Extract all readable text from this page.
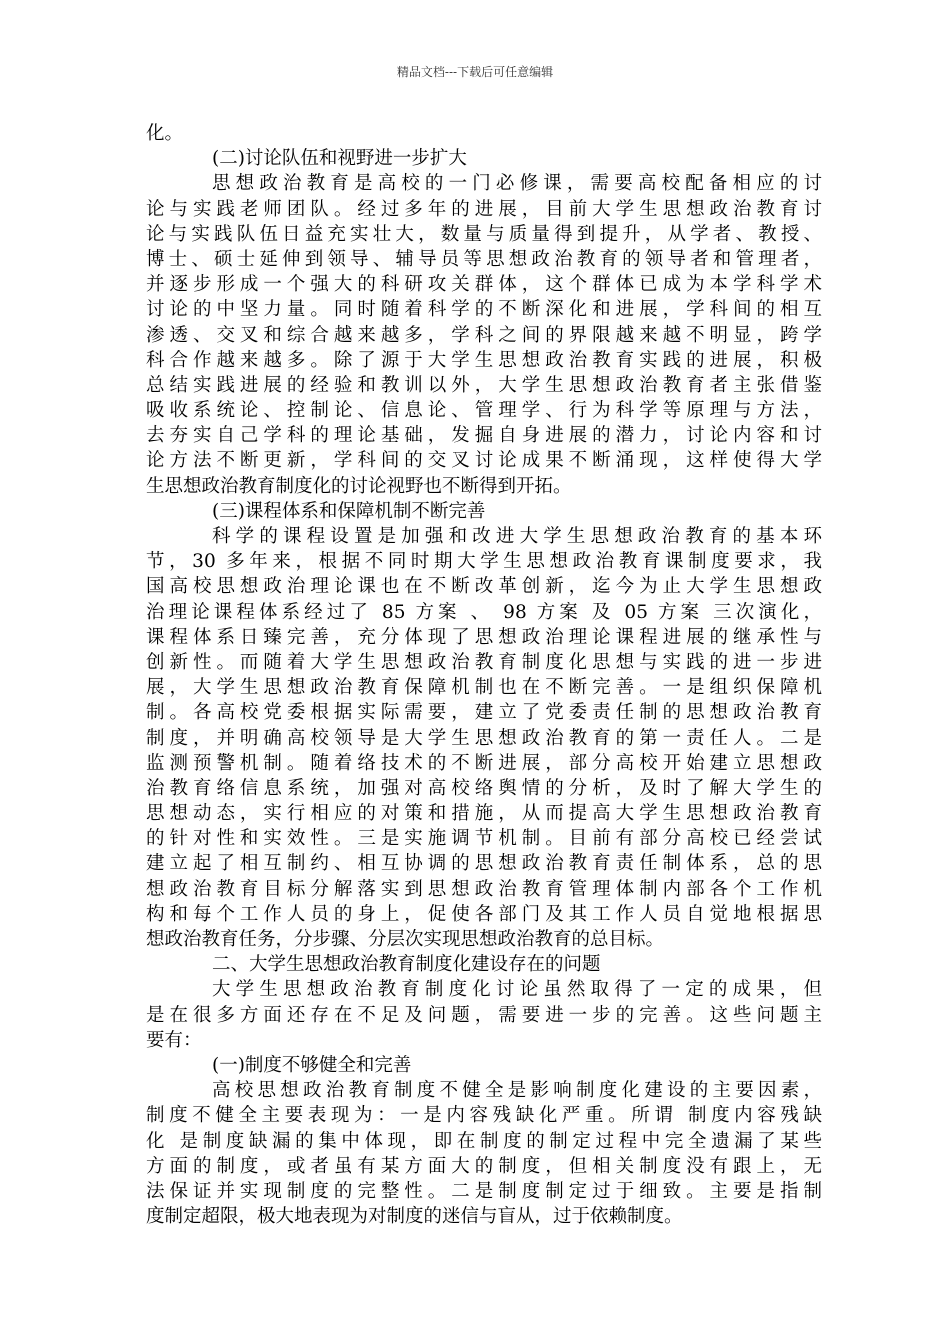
精品文档---下载后可任意编辑
化。
(二)讨论队伍和视野进一步扩大
思想政治教育是高校的一门必修课，需要高校配备相应的讨
论与实践老师团队。经过多年的进展，目前大学生思想政治教育讨
论与实践队伍日益充实壮大，数量与质量得到提升，从学者、教授、
博士、硕士延伸到领导、辅导员等思想政治教育的领导者和管理者，
并逐步形成一个强大的科研攻关群体，这个群体已成为本学科学术
讨论的中坚力量。同时随着科学的不断深化和进展，学科间的相互
渗透、交叉和综合越来越多，学科之间的界限越来越不明显，跨学
科合作越来越多。除了源于大学生思想政治教育实践的进展，积极
总结实践进展的经验和教训以外，大学生思想政治教育者主张借鉴
吸收系统论、控制论、信息论、管理学、行为科学等原理与方法，
去夯实自己学科的理论基础，发掘自身进展的潜力，讨论内容和讨
论方法不断更新，学科间的交叉讨论成果不断涌现，这样使得大学
生思想政治教育制度化的讨论视野也不断得到开拓。
(三)课程体系和保障机制不断完善
科学的课程设置是加强和改进大学生思想政治教育的基本环
节，30 多年来，根据不同时期大学生思想政治教育课制度要求，我
国高校思想政治理论课也在不断改革创新，迄今为止大学生思想政
治理论课程体系经过了 85 方案 、 98 方案 及 05 方案 三次演化，
课程体系日臻完善，充分体现了思想政治理论课程进展的继承性与
创新性。而随着大学生思想政治教育制度化思想与实践的进一步进
展，大学生思想政治教育保障机制也在不断完善。一是组织保障机
制。各高校党委根据实际需要，建立了党委责任制的思想政治教育
制度，并明确高校领导是大学生思想政治教育的第一责任人。二是
监测预警机制。随着络技术的不断进展，部分高校开始建立思想政
治教育络信息系统，加强对高校络舆情的分析，及时了解大学生的
思想动态，实行相应的对策和措施，从而提高大学生思想政治教育
的针对性和实效性。三是实施调节机制。目前有部分高校已经尝试
建立起了相互制约、相互协调的思想政治教育责任制体系，总的思
想政治教育目标分解落实到思想政治教育管理体制内部各个工作机
构和每个工作人员的身上，促使各部门及其工作人员自觉地根据思
想政治教育任务，分步骤、分层次实现思想政治教育的总目标。
二、大学生思想政治教育制度化建设存在的问题
大学生思想政治教育制度化讨论虽然取得了一定的成果，但
是在很多方面还存在不足及问题，需要进一步的完善。这些问题主
要有：
(一)制度不够健全和完善
高校思想政治教育制度不健全是影响制度化建设的主要因素，
制度不健全主要表现为：一是内容残缺化严重。所谓 制度内容残缺
化 是制度缺漏的集中体现，即在制度的制定过程中完全遗漏了某些
方面的制度，或者虽有某方面大的制度，但相关制度没有跟上，无
法保证并实现制度的完整性。二是制度制定过于细致。主要是指制
度制定超限，极大地表现为对制度的迷信与盲从，过于依赖制度。
